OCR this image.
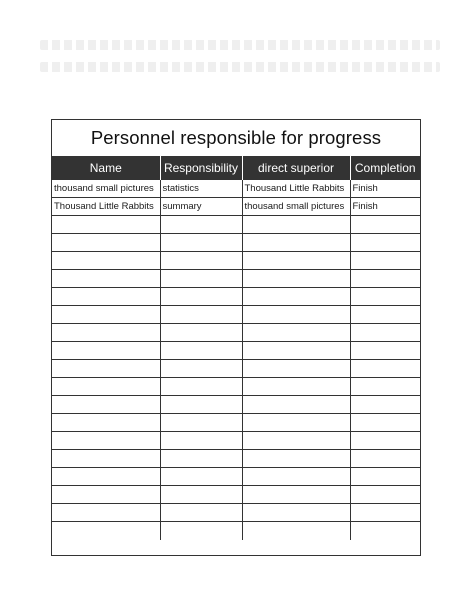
Personnel responsible for progress
Name	Responsibility	direct superior	Completion
thousand small pictures	statistics	Thousand Little Rabbits	Finish
Thousand Little Rabbits	summary	thousand small pictures	Finish
